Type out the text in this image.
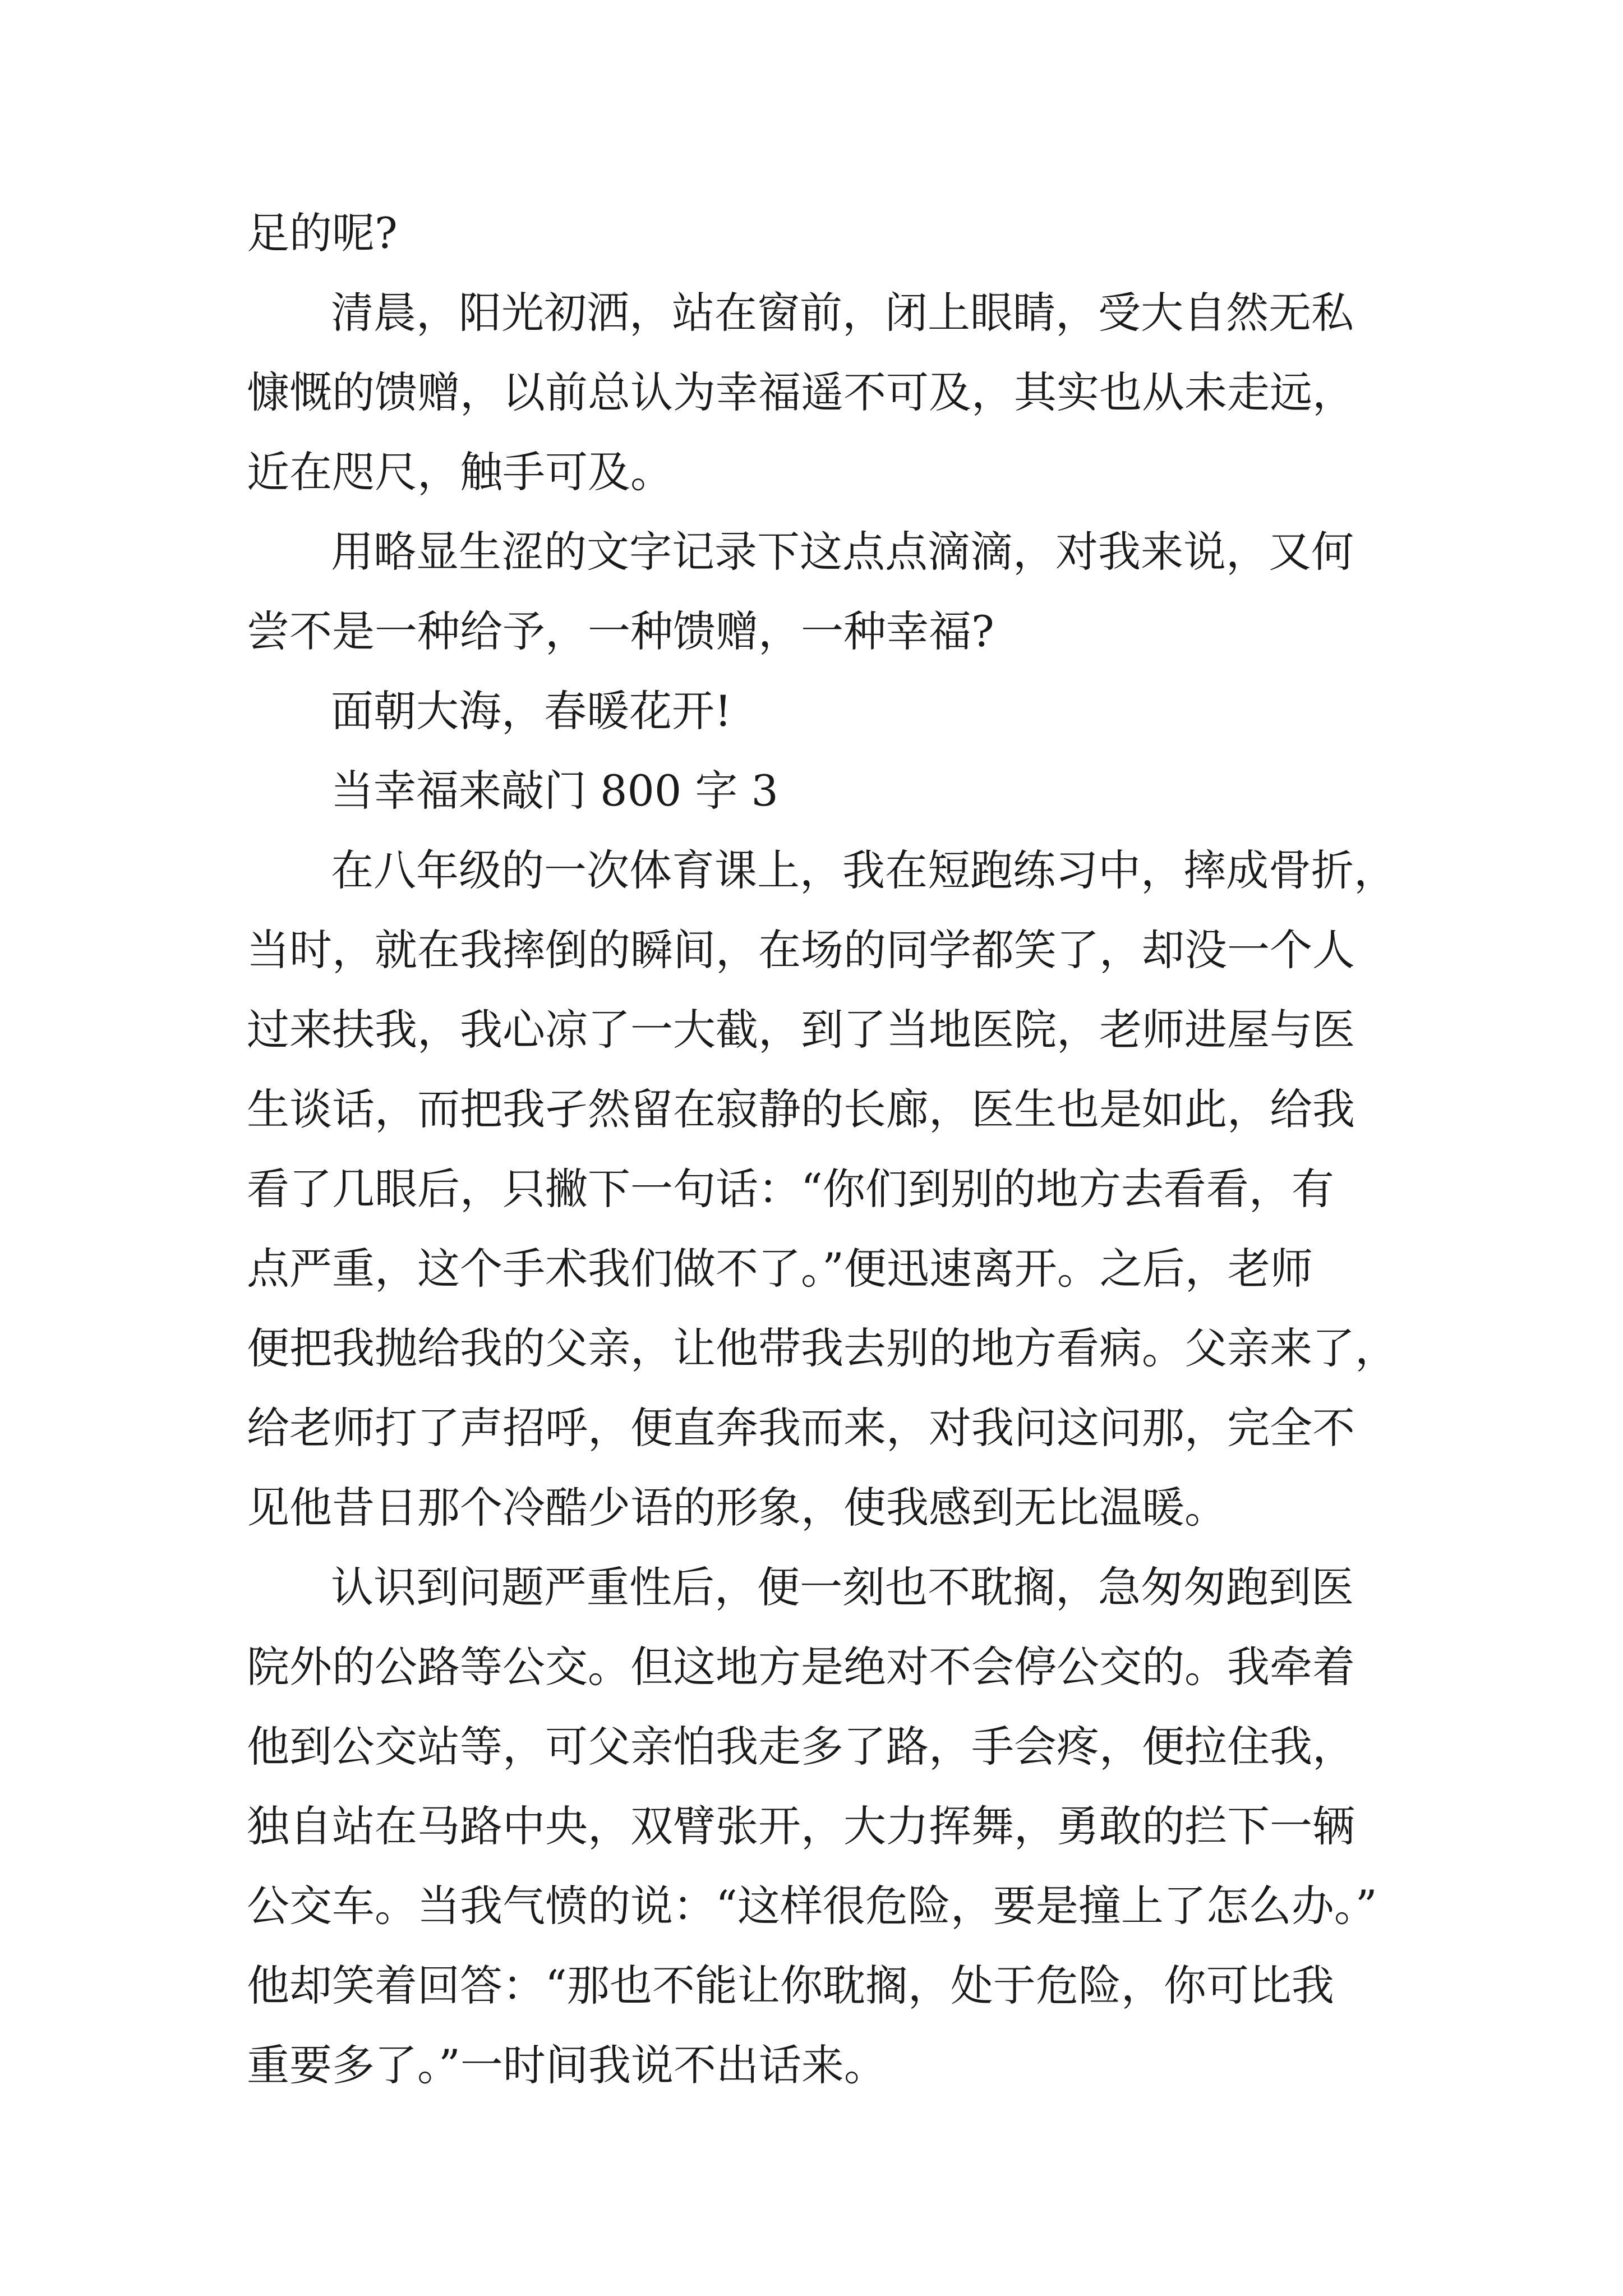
足的呢?
清晨，阳光初洒，站在窗前，闭上眼睛，受大自然无私
慷慨的馈赠，以前总认为幸福遥不可及，其实也从未走远，
近在咫尺，触手可及。
用略显生涩的文字记录下这点点滴滴，对我来说，又何
尝不是一种给予，一种馈赠，一种幸福?
面朝大海，春暖花开!
当幸福来敲门 800 字 3
在八年级的一次体育课上，我在短跑练习中，摔成骨折，
当时，就在我摔倒的瞬间，在场的同学都笑了，却没一个人
过来扶我，我心凉了一大截，到了当地医院，老师进屋与医
生谈话，而把我孑然留在寂静的长廊，医生也是如此，给我
看了几眼后，只撇下一句话：“你们到别的地方去看看，有
点严重，这个手术我们做不了。”便迅速离开。之后，老师
便把我抛给我的父亲，让他带我去别的地方看病。父亲来了，
给老师打了声招呼，便直奔我而来，对我问这问那，完全不
见他昔日那个冷酷少语的形象，使我感到无比温暖。
认识到问题严重性后，便一刻也不耽搁，急匆匆跑到医
院外的公路等公交。但这地方是绝对不会停公交的。我牵着
他到公交站等，可父亲怕我走多了路，手会疼，便拉住我，
独自站在马路中央，双臂张开，大力挥舞，勇敢的拦下一辆
公交车。当我气愤的说：“这样很危险，要是撞上了怎么办。”
他却笑着回答：“那也不能让你耽搁，处于危险，你可比我
重要多了。”一时间我说不出话来。
